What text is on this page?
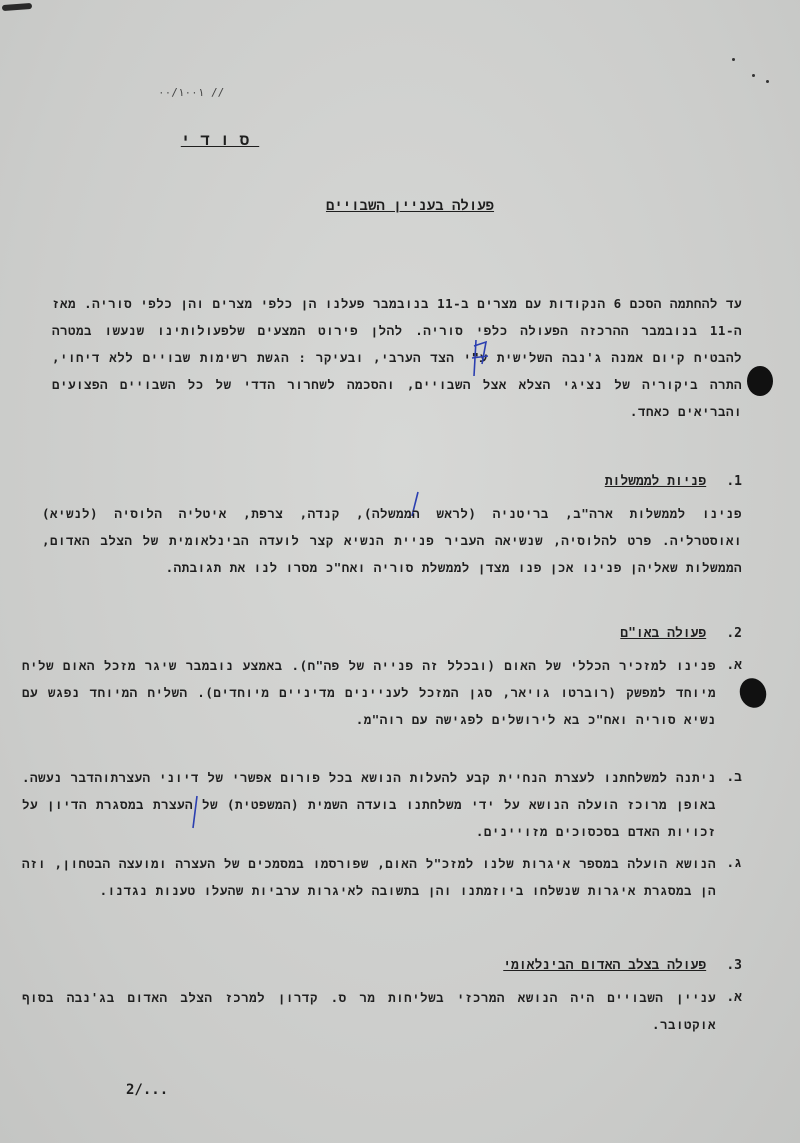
٠٠/١٠٠١ //
סודי
פעולה בעניין השבויים
עד להחתמה הסכם 6 הנקודות עם מצרים ב-11 בנובמבר פעלנו הן כלפי מצרים והן כלפי סוריה. מאז ה-11 בנובמבר ההרכזה הפעולה כלפי סוריה. להלן פירוט המצעים שלפעולותינו שנעשו במטרה להבטיח קיום אמנה ג'נבה השלישית ע"י הצד הערבי, ובעיקר : הגשת רשימות שבויים ללא דיחוי, התרה ביקוריה של נציגי הצלא אצל השבויים, והסכמה לשחרור הדדי של כל השבויים הפצועים והבריאים כאחד.
1. פניות לממשלות
פנינו לממשלות ארה"ב, בריטניה (לראש הממשלה), קנדה, צרפת, איטליה הלוסיה (לנשיא) ואוסטרליה. פרט להלוסיה, שנשיאה העביר פניית הנשיא קצר לועדה הבינלאומית של הצלב האדום, הממשלות שאליהן פנינו אכן פנו מצדן לממשלת סוריה ואח"כ מסרו לנו את תגובתה.
2. פעולה באו"ם
א.
פנינו למזכיר הכללי של האום (ובכלל זה פנייה של פה"ח). באמצע נובמבר שיגר מזכל האום שליח מיוחד למפשק (רוברטו גויאר, סגן המזכל לעניינים מדיניים מיוחדים). השליח המיוחד נפגש עם נשיא סוריה ואח"כ בא לירושלים לפגישה עם רוה"מ.
ב.
ניתנה למשלחתנו לעצרת הנחיית קבע להעלות הנושא בכל פורום אפשרי של דיוני העצרתוהדבר נעשה. באופן מרוכז הועלה הנושא על ידי משלחתנו בועדה השמית (המשפטית) של העצרת במסגרת הדיון על זכויות האדם בסכסוכים מזויינים.
ג.
הנושא הועלה במספר איגרות שלנו למזכ"ל האום, שפורסמו במסמכים של העצרה ומועצה הבטחון, וזה הן במסגרת איגרות שנשלחו ביוזמתנו והן בתשובה לאיגרות ערביות שהעלו טענות נגדנו.
3. פעולה בצלב האדום הבינלאומי
א.
עניין השבויים היה הנושא המרכזי בשליחות מר ס. קדרון למרכז הצלב האדום בג'נבה בסוף אוקטובר.
2/...
